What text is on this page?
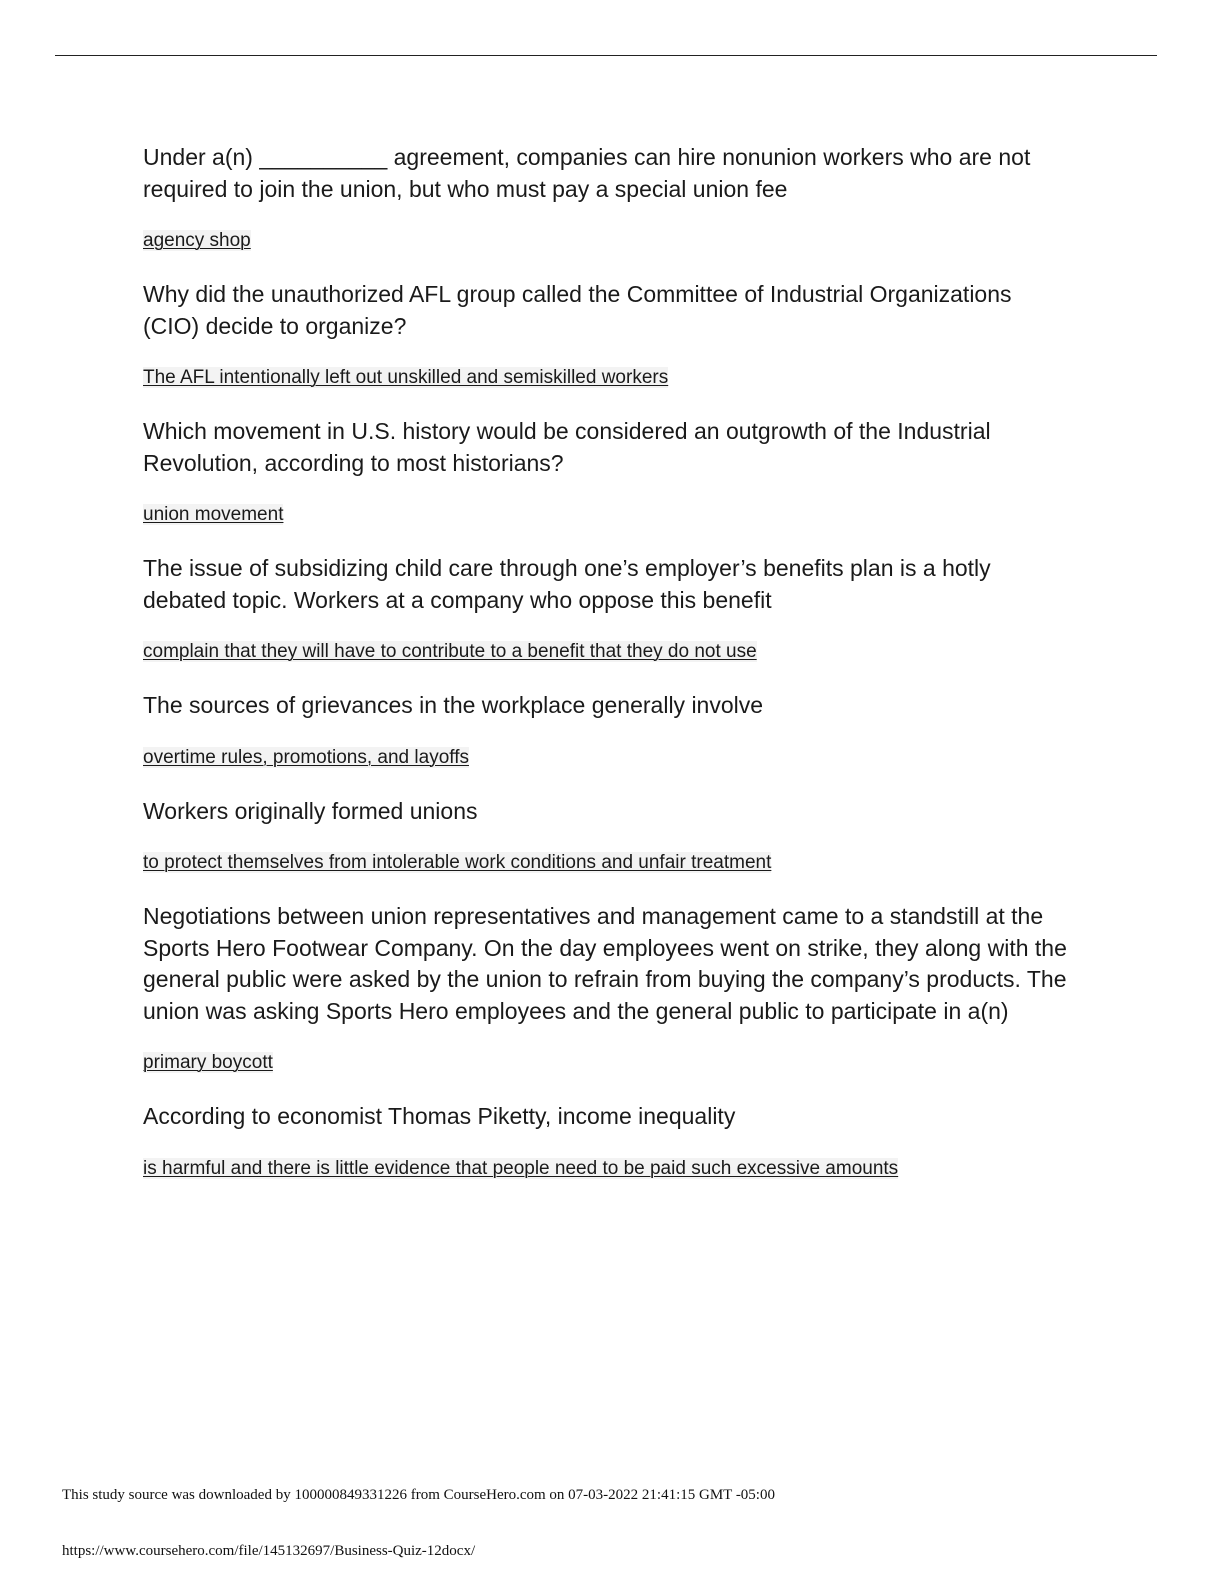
Under a(n) __________ agreement, companies can hire nonunion workers who are not required to join the union, but who must pay a special union fee

agency shop

Why did the unauthorized AFL group called the Committee of Industrial Organizations (CIO) decide to organize?

The AFL intentionally left out unskilled and semiskilled workers

Which movement in U.S. history would be considered an outgrowth of the Industrial Revolution, according to most historians?

union movement

The issue of subsidizing child care through one’s employer’s benefits plan is a hotly debated topic. Workers at a company who oppose this benefit

complain that they will have to contribute to a benefit that they do not use

The sources of grievances in the workplace generally involve

overtime rules, promotions, and layoffs

Workers originally formed unions

to protect themselves from intolerable work conditions and unfair treatment

Negotiations between union representatives and management came to a standstill at the Sports Hero Footwear Company. On the day employees went on strike, they along with the general public were asked by the union to refrain from buying the company’s products. The union was asking Sports Hero employees and the general public to participate in a(n)

primary boycott

According to economist Thomas Piketty, income inequality

is harmful and there is little evidence that people need to be paid such excessive amounts

This study source was downloaded by 100000849331226 from CourseHero.com on 07-03-2022 21:41:15 GMT -05:00
https://www.coursehero.com/file/145132697/Business-Quiz-12docx/
